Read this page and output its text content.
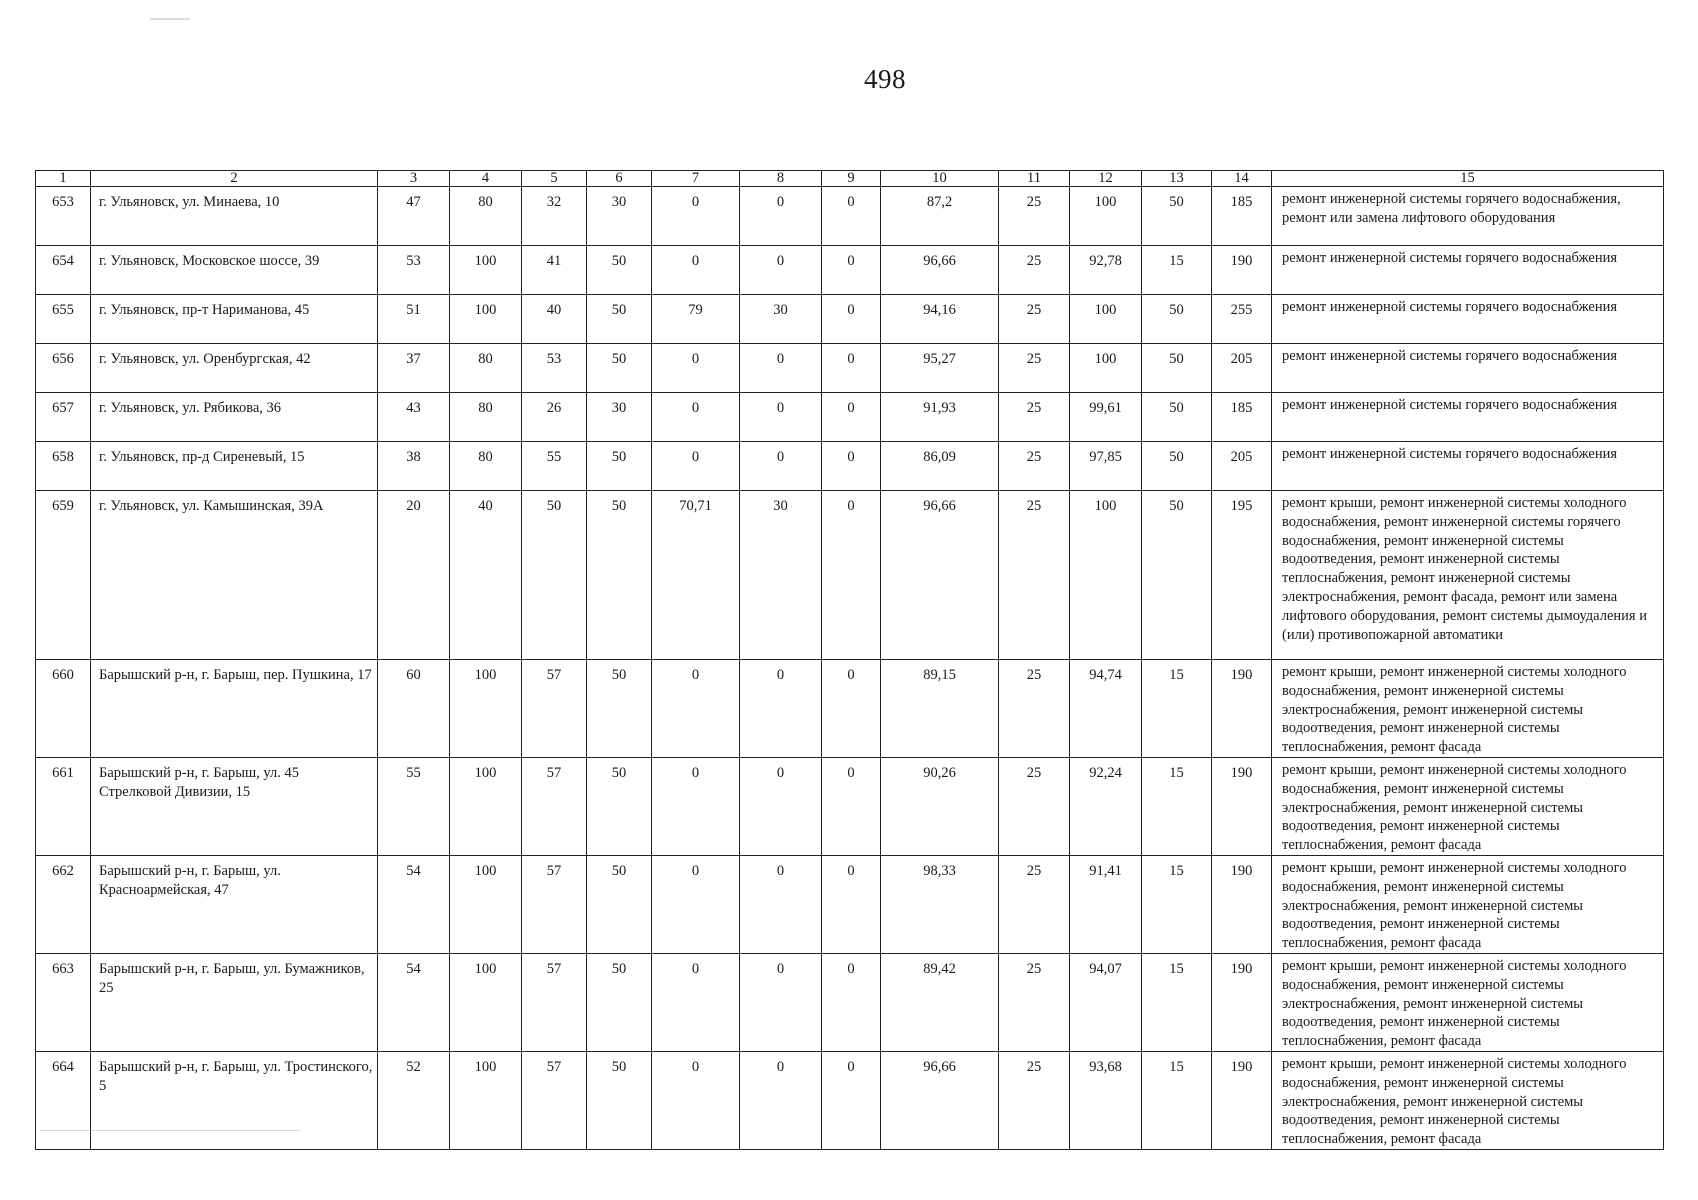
498
1	2	3	4	5	6	7	8	9	10	11	12	13	14	15
653	г. Ульяновск, ул. Минаева, 10	47	80	32	30	0	0	0	87,2	25	100	50	185	ремонт инженерной системы горячего водоснабжения, ремонт или замена лифтового оборудования
654	г. Ульяновск, Московское шоссе, 39	53	100	41	50	0	0	0	96,66	25	92,78	15	190	ремонт инженерной системы горячего водоснабжения
655	г. Ульяновск, пр-т Нариманова, 45	51	100	40	50	79	30	0	94,16	25	100	50	255	ремонт инженерной системы горячего водоснабжения
656	г. Ульяновск, ул. Оренбургская, 42	37	80	53	50	0	0	0	95,27	25	100	50	205	ремонт инженерной системы горячего водоснабжения
657	г. Ульяновск, ул. Рябикова, 36	43	80	26	30	0	0	0	91,93	25	99,61	50	185	ремонт инженерной системы горячего водоснабжения
658	г. Ульяновск, пр-д Сиреневый, 15	38	80	55	50	0	0	0	86,09	25	97,85	50	205	ремонт инженерной системы горячего водоснабжения
659	г. Ульяновск, ул. Камышинская, 39А	20	40	50	50	70,71	30	0	96,66	25	100	50	195	ремонт крыши, ремонт инженерной системы холодного водоснабжения, ремонт инженерной системы горячего водоснабжения, ремонт инженерной системы водоотведения, ремонт инженерной системы теплоснабжения, ремонт инженерной системы электроснабжения, ремонт фасада, ремонт или замена лифтового оборудования, ремонт системы дымоудаления и (или) противопожарной автоматики
660	Барышский р-н, г. Барыш, пер. Пушкина, 17	60	100	57	50	0	0	0	89,15	25	94,74	15	190	ремонт крыши, ремонт инженерной системы холодного водоснабжения, ремонт инженерной системы электроснабжения, ремонт инженерной системы водоотведения, ремонт инженерной системы теплоснабжения, ремонт фасада
661	Барышский р-н, г. Барыш, ул. 45 Стрелковой Дивизии, 15	55	100	57	50	0	0	0	90,26	25	92,24	15	190	ремонт крыши, ремонт инженерной системы холодного водоснабжения, ремонт инженерной системы электроснабжения, ремонт инженерной системы водоотведения, ремонт инженерной системы теплоснабжения, ремонт фасада
662	Барышский р-н, г. Барыш, ул. Красноармейская, 47	54	100	57	50	0	0	0	98,33	25	91,41	15	190	ремонт крыши, ремонт инженерной системы холодного водоснабжения, ремонт инженерной системы электроснабжения, ремонт инженерной системы водоотведения, ремонт инженерной системы теплоснабжения, ремонт фасада
663	Барышский р-н, г. Барыш, ул. Бумажников, 25	54	100	57	50	0	0	0	89,42	25	94,07	15	190	ремонт крыши, ремонт инженерной системы холодного водоснабжения, ремонт инженерной системы электроснабжения, ремонт инженерной системы водоотведения, ремонт инженерной системы теплоснабжения, ремонт фасада
664	Барышский р-н, г. Барыш, ул. Тростинского, 5	52	100	57	50	0	0	0	96,66	25	93,68	15	190	ремонт крыши, ремонт инженерной системы холодного водоснабжения, ремонт инженерной системы электроснабжения, ремонт инженерной системы водоотведения, ремонт инженерной системы теплоснабжения, ремонт фасада
